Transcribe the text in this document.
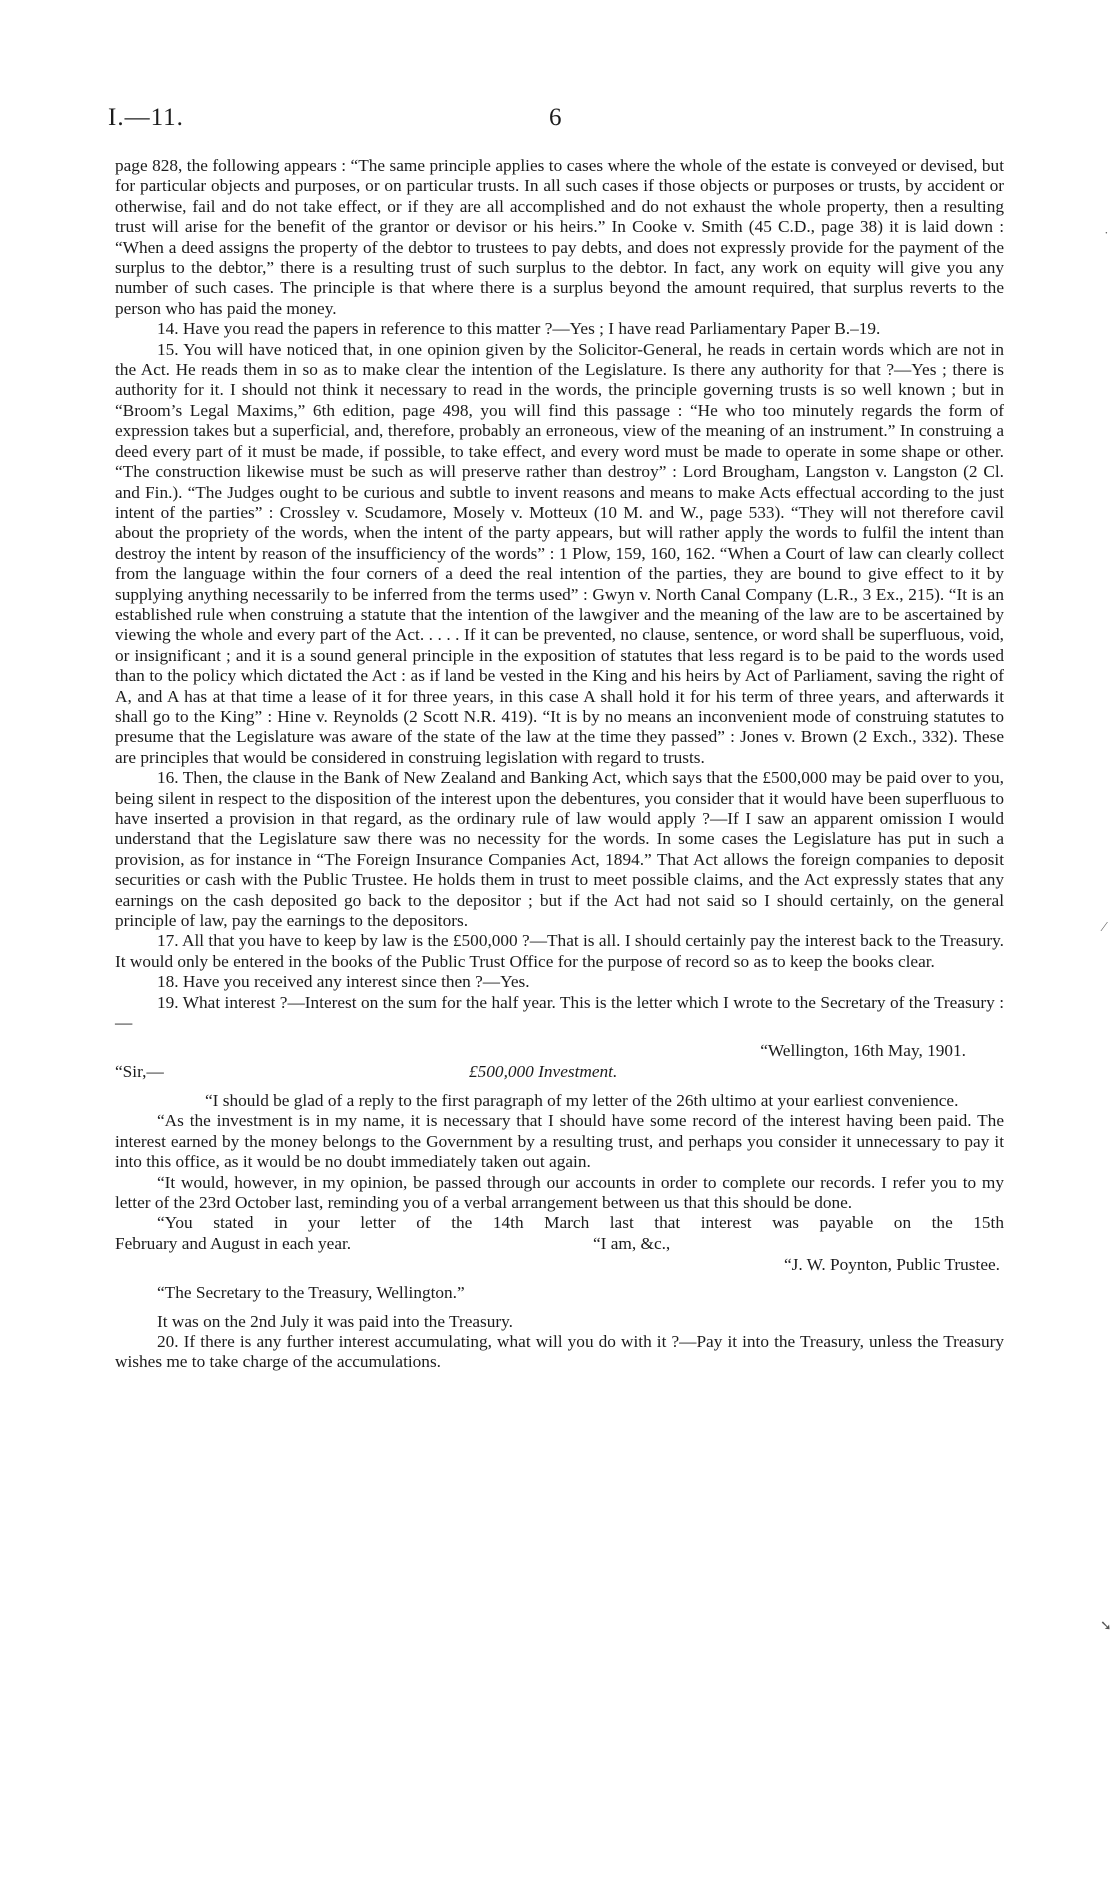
I.—11.	6

page 828, the following appears : “The same principle applies to cases where the whole of the estate is conveyed or devised, but for particular objects and purposes, or on particular trusts. In all such cases if those objects or purposes or trusts, by accident or otherwise, fail and do not take effect, or if they are all accomplished and do not exhaust the whole property, then a resulting trust will arise for the benefit of the grantor or devisor or his heirs.” In Cooke v. Smith (45 C.D., page 38) it is laid down : “When a deed assigns the property of the debtor to trustees to pay debts, and does not expressly provide for the payment of the surplus to the debtor,” there is a resulting trust of such surplus to the debtor. In fact, any work on equity will give you any number of such cases. The principle is that where there is a surplus beyond the amount required, that surplus reverts to the person who has paid the money.

14. Have you read the papers in reference to this matter ?—Yes ; I have read Parliamentary Paper B.–19.

15. You will have noticed that, in one opinion given by the Solicitor-General, he reads in certain words which are not in the Act. He reads them in so as to make clear the intention of the Legislature. Is there any authority for that ?—Yes ; there is authority for it. I should not think it necessary to read in the words, the principle governing trusts is so well known ; but in “Broom’s Legal Maxims,” 6th edition, page 498, you will find this passage : “He who too minutely regards the form of expression takes but a superficial, and, therefore, probably an erroneous, view of the meaning of an instrument.” In construing a deed every part of it must be made, if possible, to take effect, and every word must be made to operate in some shape or other. “The construction likewise must be such as will preserve rather than destroy” : Lord Brougham, Langston v. Langston (2 Cl. and Fin.). “The Judges ought to be curious and subtle to invent reasons and means to make Acts effectual according to the just intent of the parties” : Crossley v. Scudamore, Mosely v. Motteux (10 M. and W., page 533). “They will not therefore cavil about the propriety of the words, when the intent of the party appears, but will rather apply the words to fulfil the intent than destroy the intent by reason of the insufficiency of the words” : 1 Plow, 159, 160, 162. “When a Court of law can clearly collect from the language within the four corners of a deed the real intention of the parties, they are bound to give effect to it by supplying anything necessarily to be inferred from the terms used” : Gwyn v. North Canal Company (L.R., 3 Ex., 215). “It is an established rule when construing a statute that the intention of the lawgiver and the meaning of the law are to be ascertained by viewing the whole and every part of the Act. . . . . If it can be prevented, no clause, sentence, or word shall be superfluous, void, or insignificant ; and it is a sound general principle in the exposition of statutes that less regard is to be paid to the words used than to the policy which dictated the Act : as if land be vested in the King and his heirs by Act of Parliament, saving the right of A, and A has at that time a lease of it for three years, in this case A shall hold it for his term of three years, and afterwards it shall go to the King” : Hine v. Reynolds (2 Scott N.R. 419). “It is by no means an inconvenient mode of construing statutes to presume that the Legislature was aware of the state of the law at the time they passed” : Jones v. Brown (2 Exch., 332). These are principles that would be considered in construing legislation with regard to trusts.

16. Then, the clause in the Bank of New Zealand and Banking Act, which says that the £500,000 may be paid over to you, being silent in respect to the disposition of the interest upon the debentures, you consider that it would have been superfluous to have inserted a provision in that regard, as the ordinary rule of law would apply ?—If I saw an apparent omission I would understand that the Legislature saw there was no necessity for the words. In some cases the Legislature has put in such a provision, as for instance in “The Foreign Insurance Companies Act, 1894.” That Act allows the foreign companies to deposit securities or cash with the Public Trustee. He holds them in trust to meet possible claims, and the Act expressly states that any earnings on the cash deposited go back to the depositor ; but if the Act had not said so I should certainly, on the general principle of law, pay the earnings to the depositors.

17. All that you have to keep by law is the £500,000 ?—That is all. I should certainly pay the interest back to the Treasury. It would only be entered in the books of the Public Trust Office for the purpose of record so as to keep the books clear.

18. Have you received any interest since then ?—Yes.

19. What interest ?—Interest on the sum for the half year. This is the letter which I wrote to the Secretary of the Treasury :—

“Wellington, 16th May, 1901.

“Sir,—	£500,000 Investment.

“I should be glad of a reply to the first paragraph of my letter of the 26th ultimo at your earliest convenience.

“As the investment is in my name, it is necessary that I should have some record of the interest having been paid. The interest earned by the money belongs to the Government by a resulting trust, and perhaps you consider it unnecessary to pay it into this office, as it would be no doubt immediately taken out again.

“It would, however, in my opinion, be passed through our accounts in order to complete our records. I refer you to my letter of the 23rd October last, reminding you of a verbal arrangement between us that this should be done.

“You stated in your letter of the 14th March last that interest was payable on the 15th

February and August in each year.	“I am, &c.,

“J. W. Poynton, Public Trustee.

“The Secretary to the Treasury, Wellington.”

It was on the 2nd July it was paid into the Treasury.

20. If there is any further interest accumulating, what will you do with it ?—Pay it into the Treasury, unless the Treasury wishes me to take charge of the accumulations.

˙
⁄
➘
